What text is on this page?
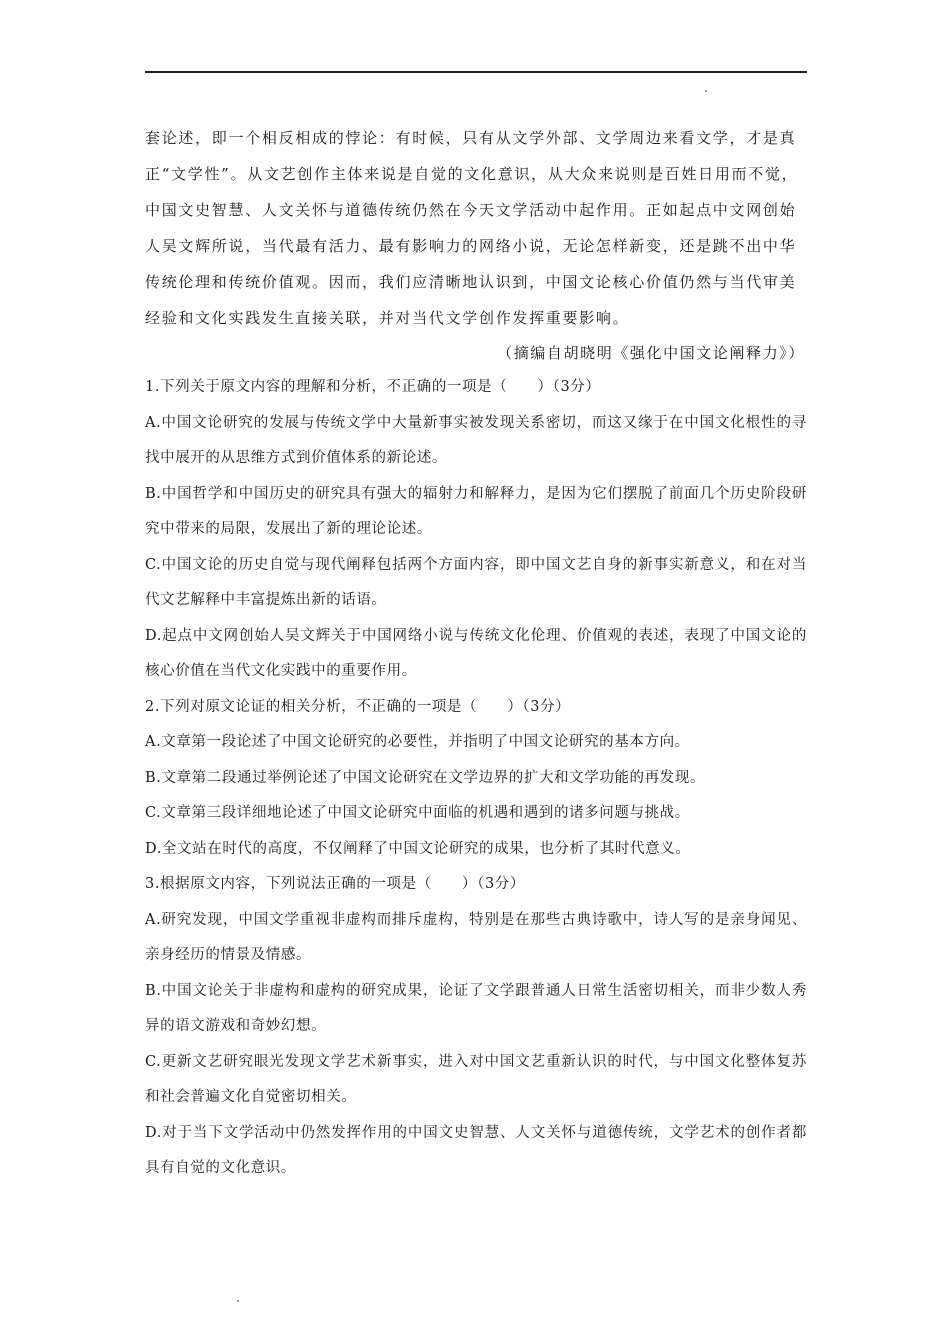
套论述，即一个相反相成的悖论：有时候，只有从文学外部、文学周边来看文学，才是真

正“文学性”。从文艺创作主体来说是自觉的文化意识，从大众来说则是百姓日用而不觉，

中国文史智慧、人文关怀与道德传统仍然在今天文学活动中起作用。正如起点中文网创始

人吴文辉所说，当代最有活力、最有影响力的网络小说，无论怎样新变，还是跳不出中华

传统伦理和传统价值观。因而，我们应清晰地认识到，中国文论核心价值仍然与当代审美

经验和文化实践发生直接关联，并对当代文学创作发挥重要影响。

（摘编自胡晓明《强化中国文论阐释力》）

1.下列关于原文内容的理解和分析，不正确的一项是（　　）（3分）

A.中国文论研究的发展与传统文学中大量新事实被发现关系密切，而这又缘于在中国文化根性的寻找中展开的从思维方式到价值体系的新论述。

B.中国哲学和中国历史的研究具有强大的辐射力和解释力，是因为它们摆脱了前面几个历史阶段研究中带来的局限，发展出了新的理论论述。

C.中国文论的历史自觉与现代阐释包括两个方面内容，即中国文艺自身的新事实新意义，和在对当代文艺解释中丰富提炼出新的话语。

D.起点中文网创始人吴文辉关于中国网络小说与传统文化伦理、价值观的表述，表现了中国文论的核心价值在当代文化实践中的重要作用。

2.下列对原文论证的相关分析，不正确的一项是（　　）（3分）

A.文章第一段论述了中国文论研究的必要性，并指明了中国文论研究的基本方向。

B.文章第二段通过举例论述了中国文论研究在文学边界的扩大和文学功能的再发现。

C.文章第三段详细地论述了中国文论研究中面临的机遇和遇到的诸多问题与挑战。

D.全文站在时代的高度，不仅阐释了中国文论研究的成果，也分析了其时代意义。

3.根据原文内容，下列说法正确的一项是（　　）（3分）

A.研究发现，中国文学重视非虚构而排斥虚构，特别是在那些古典诗歌中，诗人写的是亲身闻见、亲身经历的情景及情感。

B.中国文论关于非虚构和虚构的研究成果，论证了文学跟普通人日常生活密切相关，而非少数人秀异的语文游戏和奇妙幻想。

C.更新文艺研究眼光发现文学艺术新事实，进入对中国文艺重新认识的时代，与中国文化整体复苏和社会普遍文化自觉密切相关。

D.对于当下文学活动中仍然发挥作用的中国文史智慧、人文关怀与道德传统，文学艺术的创作者都具有自觉的文化意识。
